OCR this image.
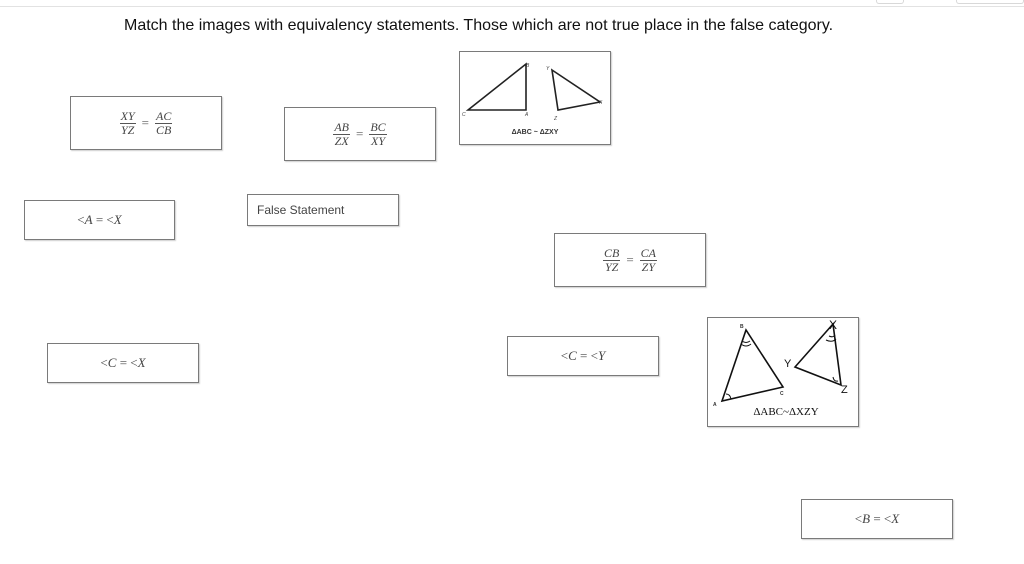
Match the images with equivalency statements. Those which are not true place in the false category.
$\frac{XY}{YZ} = \frac{AC}{CB}$	$\frac{AB}{ZX} = \frac{BC}{XY}$
B
A
C
Y
X
Z
ΔABC ~ ΔZXY
<A = <X
False Statement
$\frac{CB}{YZ} = \frac{CA}{ZY}$
<C = <X	<C = <Y
B
A
C
X
Y
Z
ΔABC~ΔXZY
<B = <X
